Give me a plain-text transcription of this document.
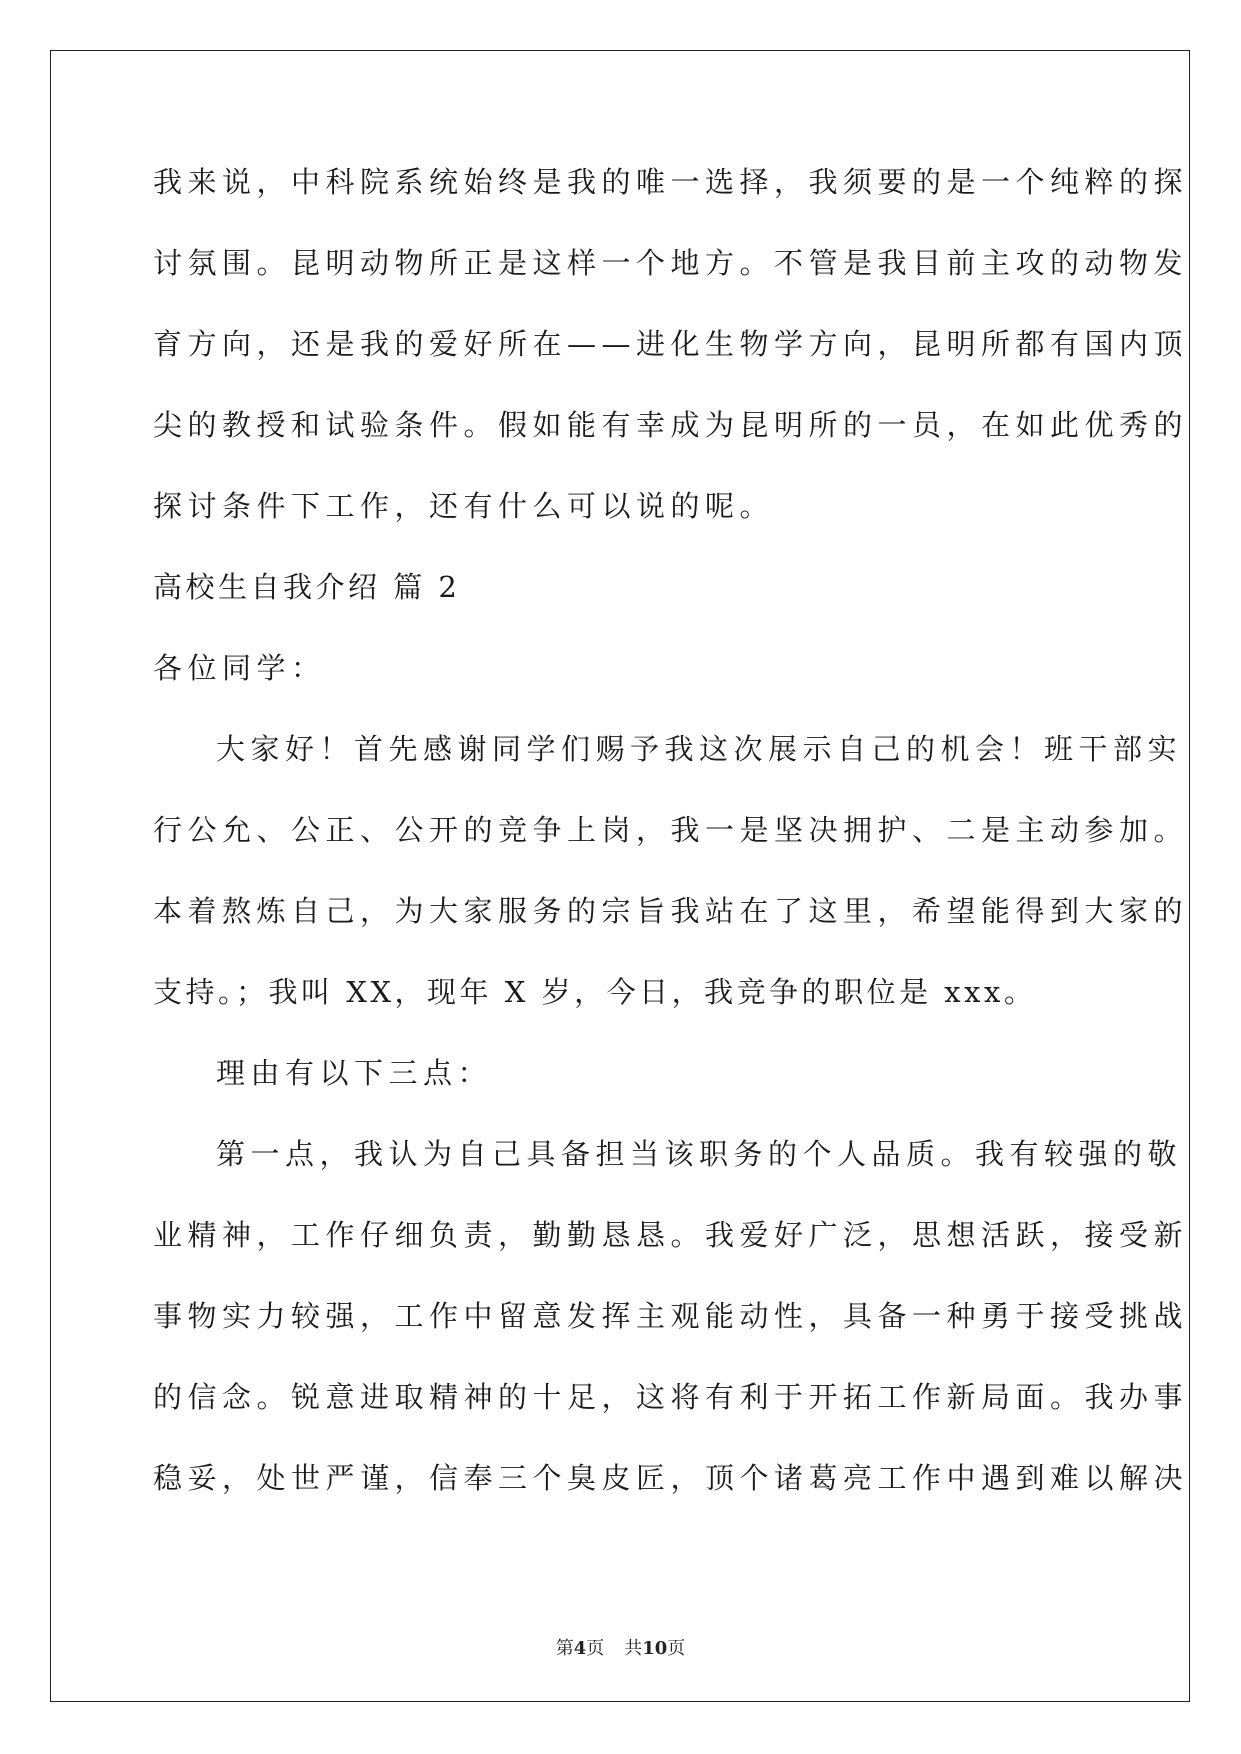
我来说，中科院系统始终是我的唯一选择，我须要的是一个纯粹的探
讨氛围。昆明动物所正是这样一个地方。不管是我目前主攻的动物发
育方向，还是我的爱好所在——进化生物学方向，昆明所都有国内顶
尖的教授和试验条件。假如能有幸成为昆明所的一员，在如此优秀的
探讨条件下工作，还有什么可以说的呢。
高校生自我介绍 篇 2
各位同学：
大家好！首先感谢同学们赐予我这次展示自己的机会！班干部实
行公允、公正、公开的竞争上岗，我一是坚决拥护、二是主动参加。
本着熬炼自己，为大家服务的宗旨我站在了这里，希望能得到大家的
支持。；我叫 XX，现年 X 岁，今日，我竞争的职位是 xxx。
理由有以下三点：
第一点，我认为自己具备担当该职务的个人品质。我有较强的敬
业精神，工作仔细负责，勤勤恳恳。我爱好广泛，思想活跃，接受新
事物实力较强，工作中留意发挥主观能动性，具备一种勇于接受挑战
的信念。锐意进取精神的十足，这将有利于开拓工作新局面。我办事
稳妥，处世严谨，信奉三个臭皮匠，顶个诸葛亮工作中遇到难以解决
第4页 共10页
